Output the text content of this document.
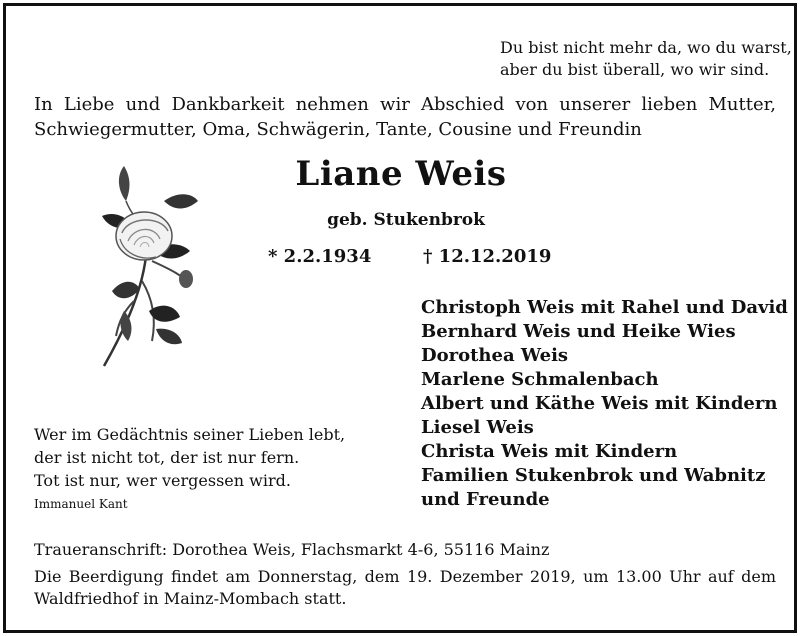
Du bist nicht mehr da, wo du warst,
aber du bist überall, wo wir sind.
In Liebe und Dankbarkeit nehmen wir Abschied von unserer lieben Mutter,
Schwiegermutter, Oma, Schwägerin, Tante, Cousine und Freundin
Liane Weis
geb. Stukenbrok
* 2.2.1934	† 12.12.2019
Christoph Weis mit Rahel und David
Bernhard Weis und Heike Wies
Dorothea Weis
Marlene Schmalenbach
Albert und Käthe Weis mit Kindern
Liesel Weis
Christa Weis mit Kindern
Familien Stukenbrok und Wabnitz
und Freunde
Wer im Gedächtnis seiner Lieben lebt,
der ist nicht tot, der ist nur fern.
Tot ist nur, wer vergessen wird.
Immanuel Kant
Traueranschrift: Dorothea Weis, Flachsmarkt 4-6, 55116 Mainz
Die Beerdigung findet am Donnerstag, dem 19. Dezember 2019, um 13.00 Uhr auf dem
Waldfriedhof in Mainz-Mombach statt.
